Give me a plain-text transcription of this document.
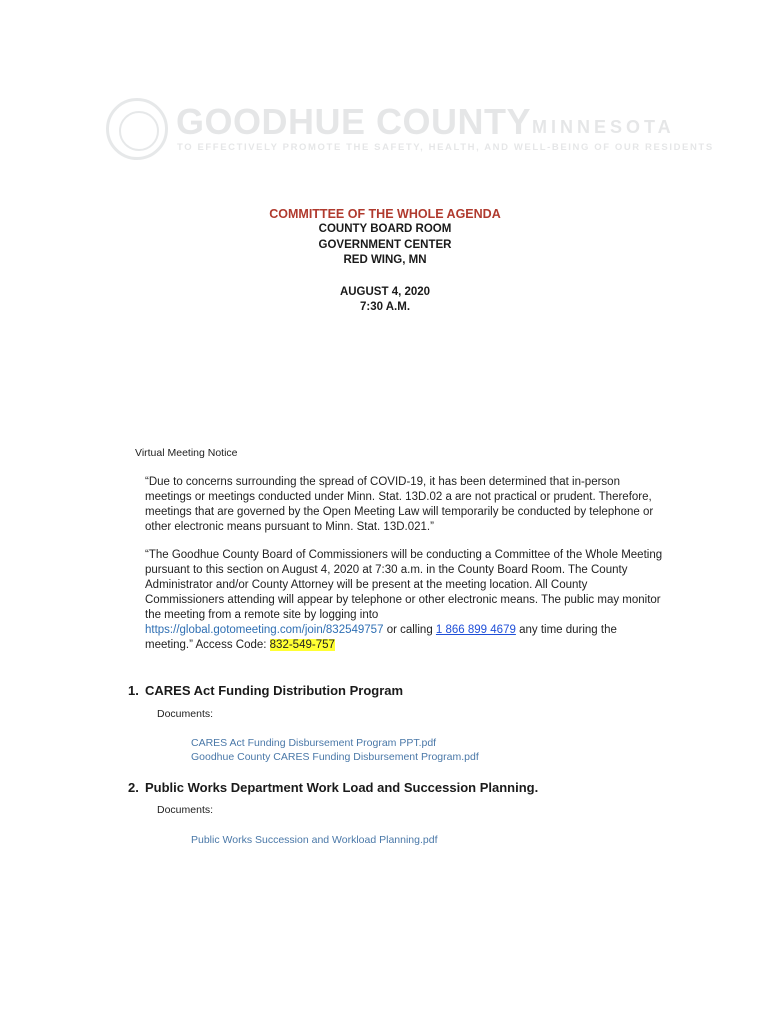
GOODHUE COUNTY MINNESOTA
TO EFFECTIVELY PROMOTE THE SAFETY, HEALTH, AND WELL-BEING OF OUR RESIDENTS
COMMITTEE OF THE WHOLE AGENDA
COUNTY BOARD ROOM
GOVERNMENT CENTER
RED WING, MN
AUGUST 4, 2020
7:30 A.M.
Virtual Meeting Notice
“Due to concerns surrounding the spread of COVID-19, it has been determined that in-person meetings or meetings conducted under Minn. Stat. 13D.02 a are not practical or prudent. Therefore, meetings that are governed by the Open Meeting Law will temporarily be conducted by telephone or other electronic means pursuant to Minn. Stat. 13D.021.”
“The Goodhue County Board of Commissioners will be conducting a Committee of the Whole Meeting pursuant to this section on August 4, 2020 at 7:30 a.m. in the County Board Room. The County Administrator and/or County Attorney will be present at the meeting location. All County Commissioners attending will appear by telephone or other electronic means. The public may monitor the meeting from a remote site by logging into
https://global.gotomeeting.com/join/832549757 or calling 1 866 899 4679 any time during the meeting.” Access Code: 832-549-757
1. CARES Act Funding Distribution Program
Documents:
CARES Act Funding Disbursement Program PPT.pdf
Goodhue County CARES Funding Disbursement Program.pdf
2. Public Works Department Work Load and Succession Planning.
Documents:
Public Works Succession and Workload Planning.pdf
